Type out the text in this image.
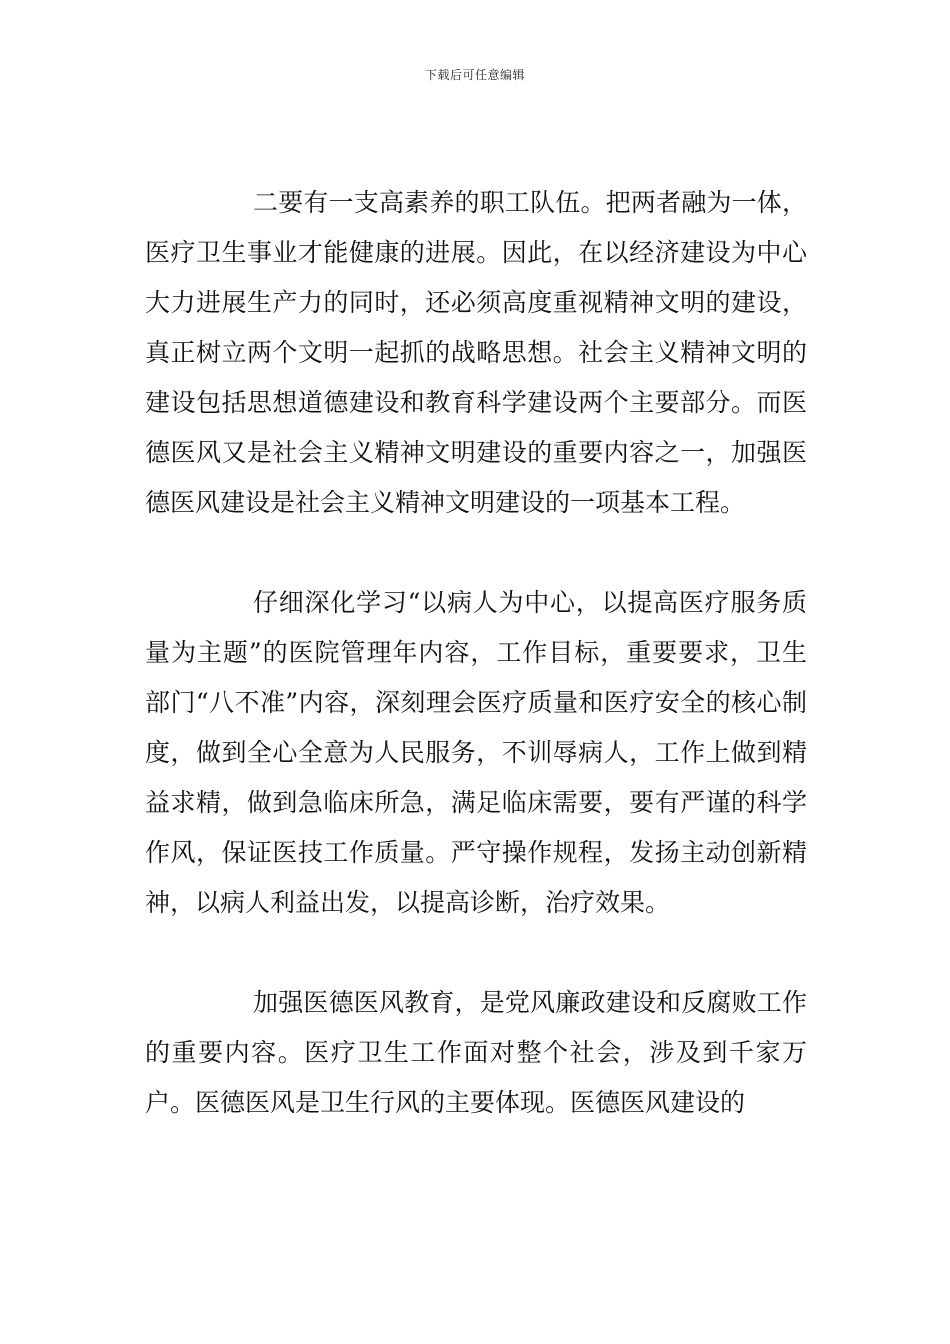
下载后可任意编辑

二要有一支高素养的职工队伍。把两者融为一体，医疗卫生事业才能健康的进展。因此，在以经济建设为中心大力进展生产力的同时，还必须高度重视精神文明的建设，真正树立两个文明一起抓的战略思想。社会主义精神文明的建设包括思想道德建设和教育科学建设两个主要部分。而医德医风又是社会主义精神文明建设的重要内容之一，加强医德医风建设是社会主义精神文明建设的一项基本工程。

仔细深化学习“以病人为中心，以提高医疗服务质量为主题”的医院管理年内容，工作目标，重要要求，卫生部门“八不准”内容，深刻理会医疗质量和医疗安全的核心制度，做到全心全意为人民服务，不训辱病人，工作上做到精益求精，做到急临床所急，满足临床需要，要有严谨的科学作风，保证医技工作质量。严守操作规程，发扬主动创新精神，以病人利益出发，以提高诊断，治疗效果。

加强医德医风教育，是党风廉政建设和反腐败工作的重要内容。医疗卫生工作面对整个社会，涉及到千家万户。医德医风是卫生行风的主要体现。医德医风建设的
